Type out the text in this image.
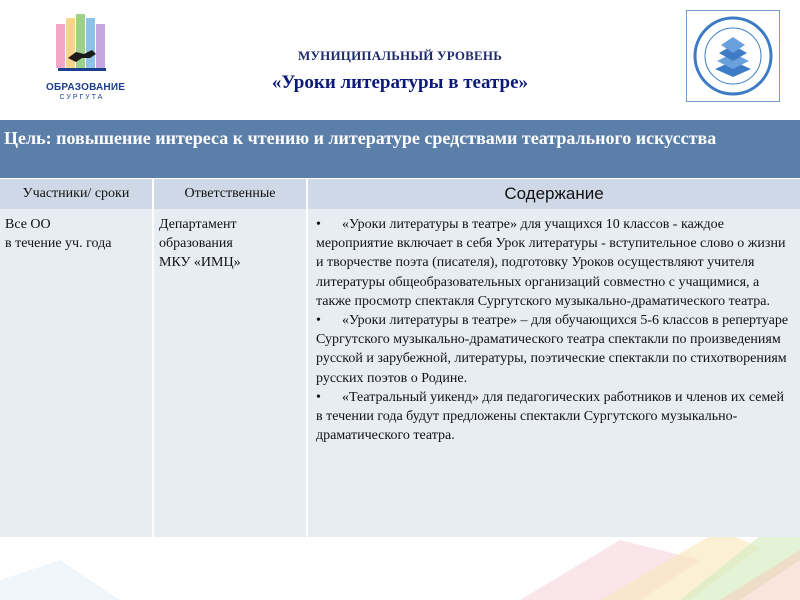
ОБРАЗОВАНИЕ
СУРГУТА
МУНИЦИПАЛЬНЫЙ УРОВЕНЬ
«Уроки литературы в театре»
Цель: повышение интереса к чтению и литературе средствами театрального искусства
Участники/ сроки	Ответственные	Содержание
Все ОО
в течение уч. года
Департамент
образования
МКУ «ИМЦ»
• «Уроки литературы в театре» для учащихся 10 классов - каждое мероприятие включает в себя Урок литературы - вступительное слово о жизни и творчестве поэта (писателя), подготовку Уроков осуществляют учителя литературы общеобразовательных организаций совместно с учащимися, а также просмотр спектакля Сургутского музыкально-драматического театра.
• «Уроки литературы в театре» – для обучающихся 5-6 классов в репертуаре Сургутского музыкально-драматического театра спектакли по произведениям русской и зарубежной, литературы, поэтические спектакли по стихотворениям русских поэтов о Родине.
• «Театральный уикенд» для педагогических работников и членов их семей в течении года будут предложены спектакли Сургутского музыкально- драматического театра.
